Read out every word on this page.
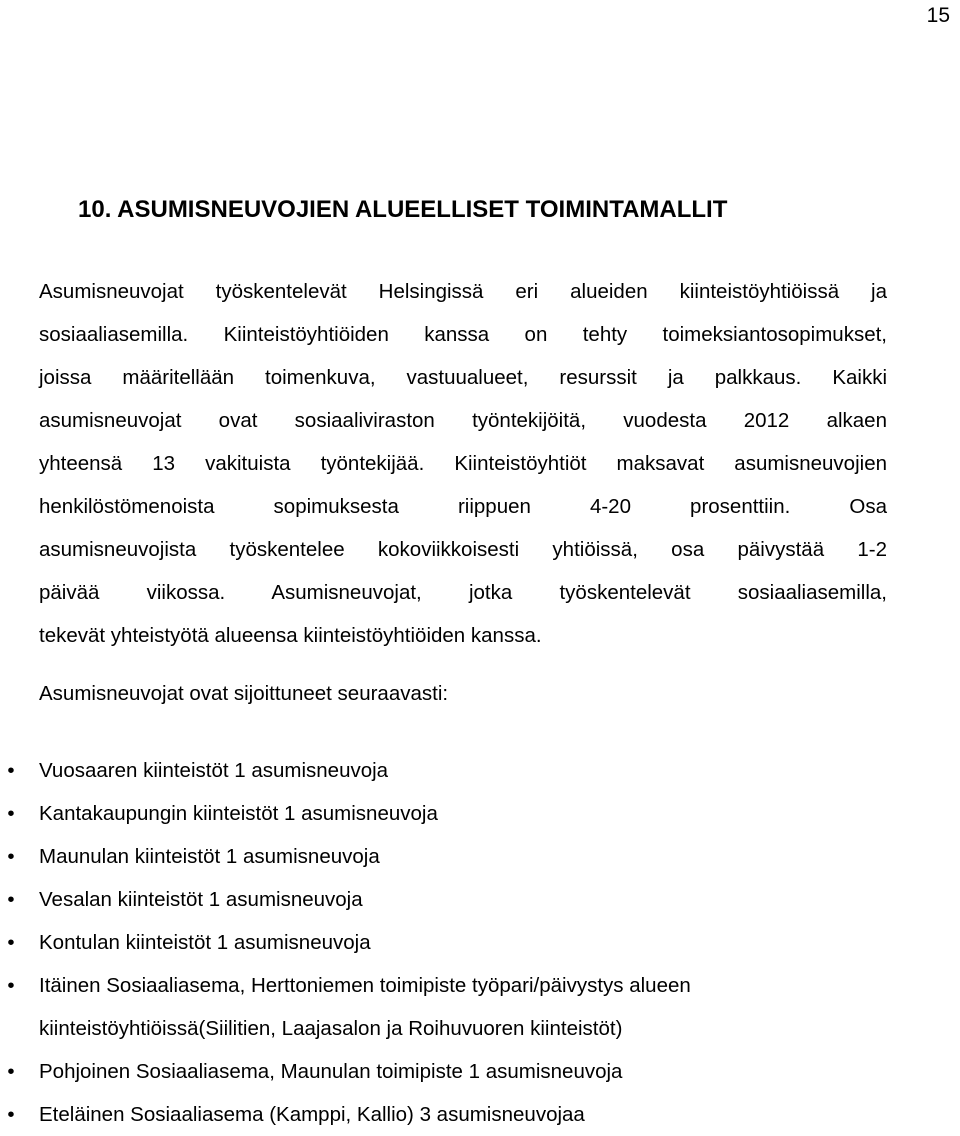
15
10. ASUMISNEUVOJIEN ALUEELLISET TOIMINTAMALLIT
Asumisneuvojat työskentelevät Helsingissä eri alueiden kiinteistöyhtiöissä ja
sosiaaliasemilla. Kiinteistöyhtiöiden kanssa on tehty toimeksiantosopimukset,
joissa määritellään toimenkuva, vastuualueet, resurssit ja palkkaus. Kaikki
asumisneuvojat ovat sosiaaliviraston työntekijöitä, vuodesta 2012 alkaen
yhteensä 13 vakituista työntekijää. Kiinteistöyhtiöt maksavat asumisneuvojien
henkilöstömenoista sopimuksesta riippuen 4-20 prosenttiin. Osa
asumisneuvojista työskentelee kokoviikkoisesti yhtiöissä, osa päivystää 1-2
päivää viikossa. Asumisneuvojat, jotka työskentelevät sosiaaliasemilla,
tekevät yhteistyötä alueensa kiinteistöyhtiöiden kanssa.
Asumisneuvojat ovat sijoittuneet seuraavasti:
• Vuosaaren kiinteistöt 1 asumisneuvoja
• Kantakaupungin kiinteistöt 1 asumisneuvoja
• Maunulan kiinteistöt 1 asumisneuvoja
• Vesalan kiinteistöt 1 asumisneuvoja
• Kontulan kiinteistöt 1 asumisneuvoja
• Itäinen Sosiaaliasema, Herttoniemen toimipiste työpari/päivystys alueen
kiinteistöyhtiöissä(Siilitien, Laajasalon ja Roihuvuoren kiinteistöt)
• Pohjoinen Sosiaaliasema, Maunulan toimipiste 1 asumisneuvoja
• Eteläinen Sosiaaliasema (Kamppi, Kallio) 3 asumisneuvojaa
